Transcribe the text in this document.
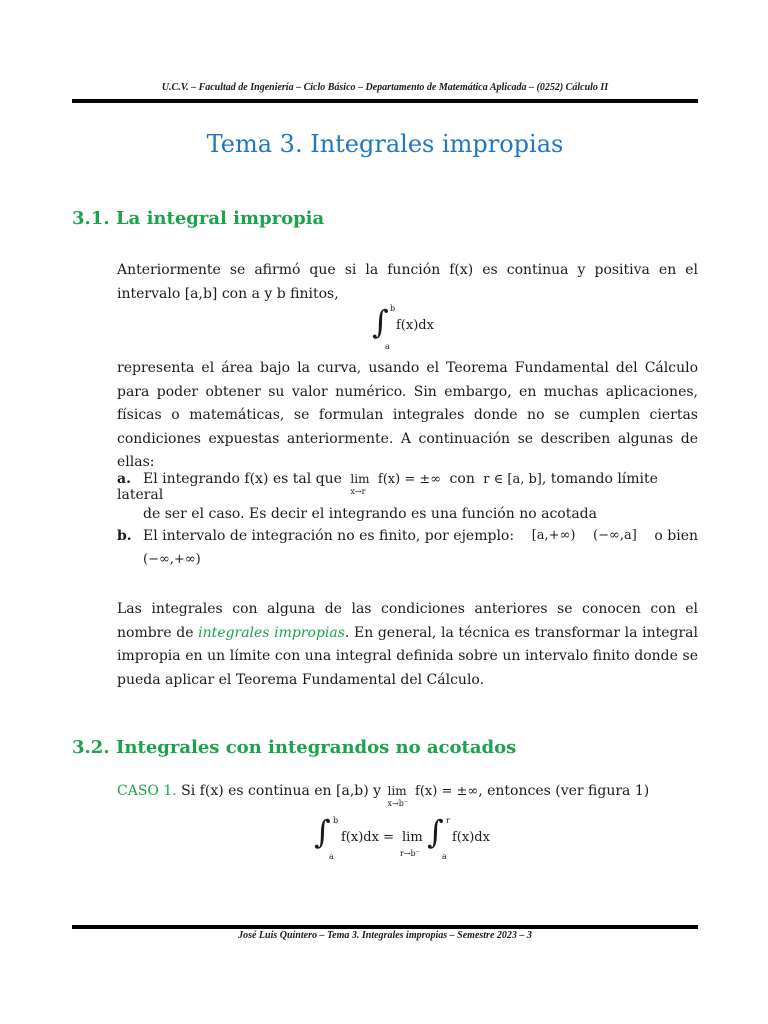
U.C.V. – Facultad de Ingeniería – Ciclo Básico – Departamento de Matemática Aplicada – (0252) Cálculo II
Tema 3. Integrales impropias
3.1. La integral impropia
Anteriormente se afirmó que si la función f(x) es continua y positiva en el intervalo [a,b] con a y b finitos,
∫ b
a
f(x)dx
representa el área bajo la curva, usando el Teorema Fundamental del Cálculo para poder obtener su valor numérico. Sin embargo, en muchas aplicaciones, físicas o matemáticas, se formulan integrales donde no se cumplen ciertas condiciones expuestas anteriormente. A continuación se describen algunas de ellas:
a. El integrando f(x) es tal que lim
x→r
f(x) = ±∞ con r ∈ [a, b], tomando límite lateral
de ser el caso. Es decir el integrando es una función no acotada
b. El intervalo de integración no es finito, por ejemplo: [a,+∞) (−∞,a] o bien
(−∞,+∞)
Las integrales con alguna de las condiciones anteriores se conocen con el nombre de integrales impropias. En general, la técnica es transformar la integral impropia en un límite con una integral definida sobre un intervalo finito donde se pueda aplicar el Teorema Fundamental del Cálculo.
3.2. Integrales con integrandos no acotados
CASO 1. Si f(x) es continua en [a,b) y lim
x→b⁻
f(x) = ±∞, entonces (ver figura 1)
∫ b
a
f(x)dx = lim
r→b⁻
∫ r
a
f(x)dx
José Luis Quintero – Tema 3. Integrales impropias – Semestre 2023 – 3
